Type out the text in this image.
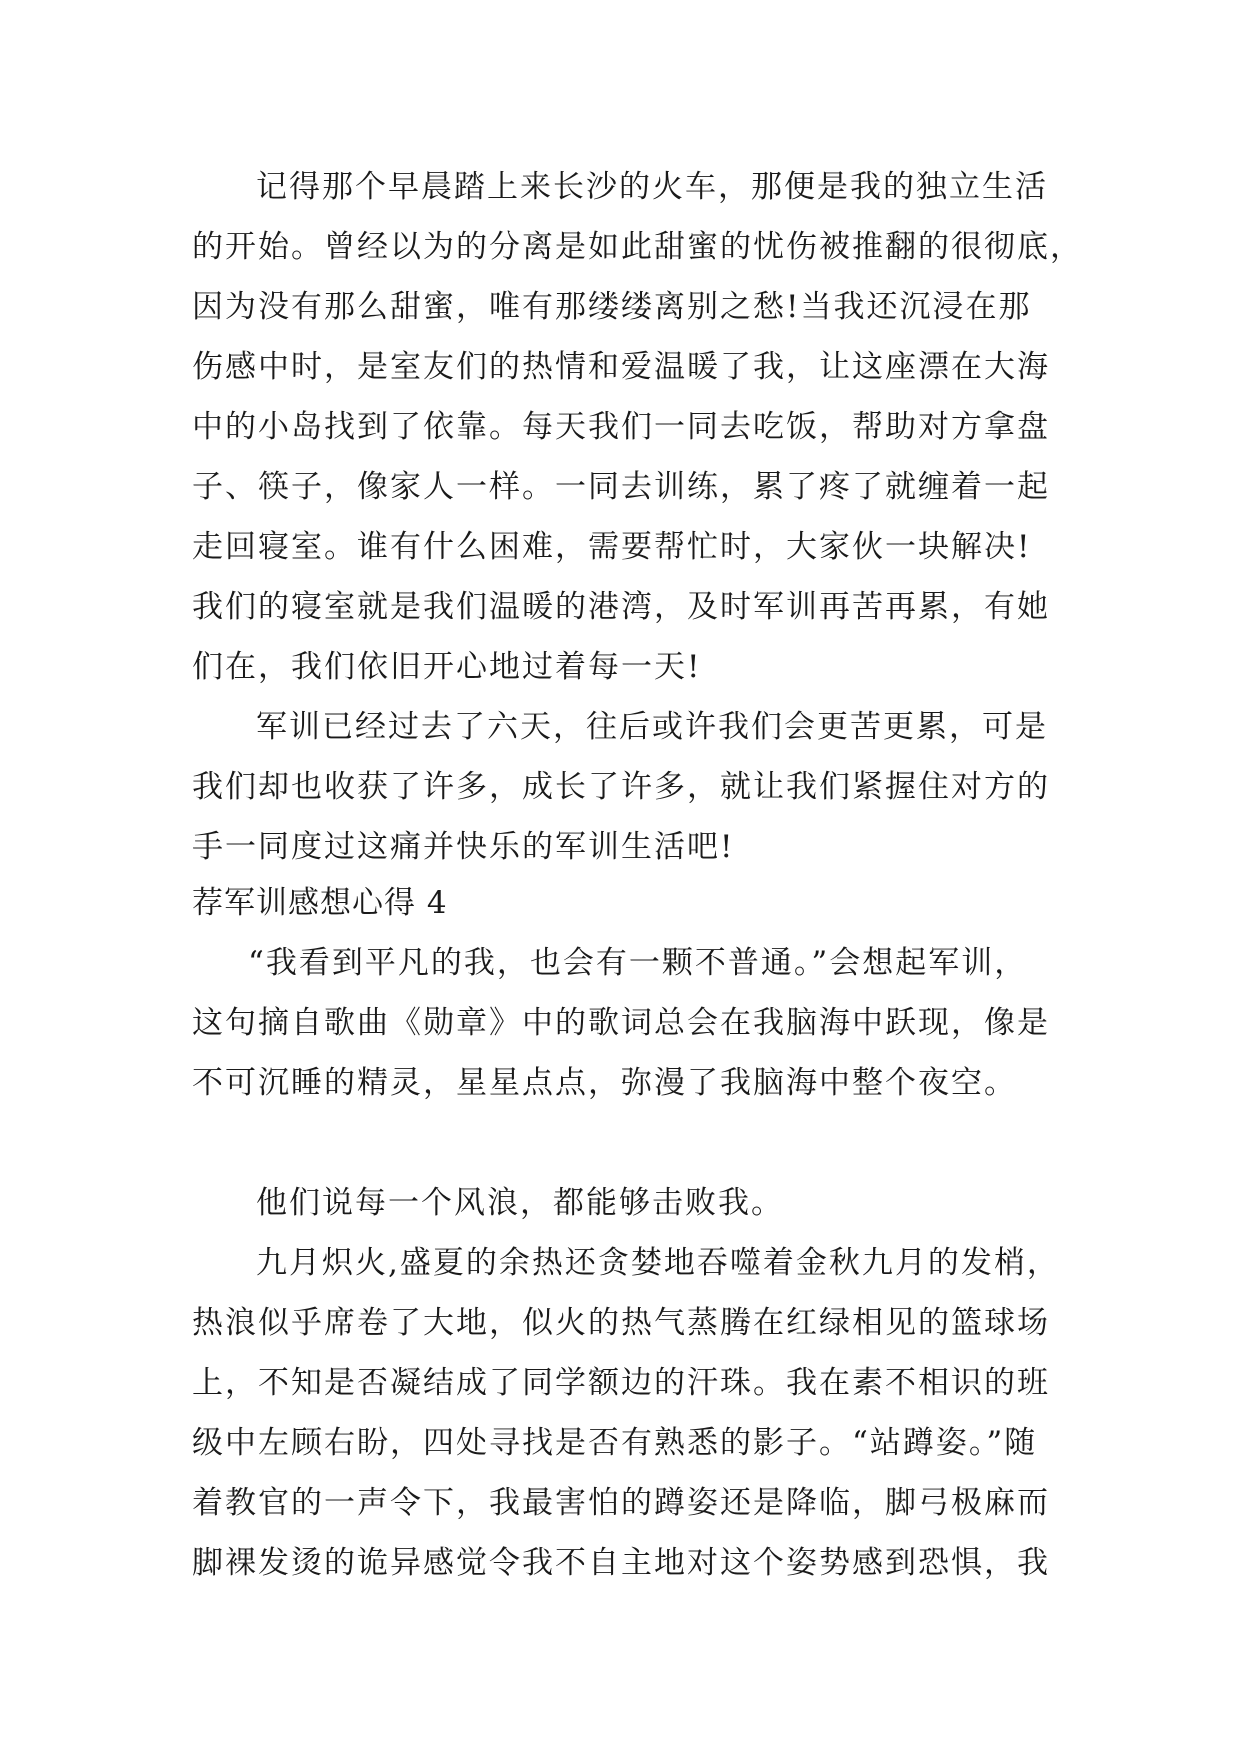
记得那个早晨踏上来长沙的火车，那便是我的独立生活
的开始。曾经以为的分离是如此甜蜜的忧伤被推翻的很彻底，
因为没有那么甜蜜，唯有那缕缕离别之愁!当我还沉浸在那
伤感中时，是室友们的热情和爱温暖了我，让这座漂在大海
中的小岛找到了依靠。每天我们一同去吃饭，帮助对方拿盘
子、筷子，像家人一样。一同去训练，累了疼了就缠着一起
走回寝室。谁有什么困难，需要帮忙时，大家伙一块解决!
我们的寝室就是我们温暖的港湾，及时军训再苦再累，有她
们在，我们依旧开心地过着每一天!
军训已经过去了六天，往后或许我们会更苦更累，可是
我们却也收获了许多，成长了许多，就让我们紧握住对方的
手一同度过这痛并快乐的军训生活吧!
荐军训感想心得 4
“我看到平凡的我，也会有一颗不普通。”会想起军训，
这句摘自歌曲《勋章》中的歌词总会在我脑海中跃现，像是
不可沉睡的精灵，星星点点，弥漫了我脑海中整个夜空。
他们说每一个风浪，都能够击败我。
九月炽火,盛夏的余热还贪婪地吞噬着金秋九月的发梢，
热浪似乎席卷了大地，似火的热气蒸腾在红绿相见的篮球场
上，不知是否凝结成了同学额边的汗珠。我在素不相识的班
级中左顾右盼，四处寻找是否有熟悉的影子。“站蹲姿。”随
着教官的一声令下，我最害怕的蹲姿还是降临，脚弓极麻而
脚裸发烫的诡异感觉令我不自主地对这个姿势感到恐惧，我
